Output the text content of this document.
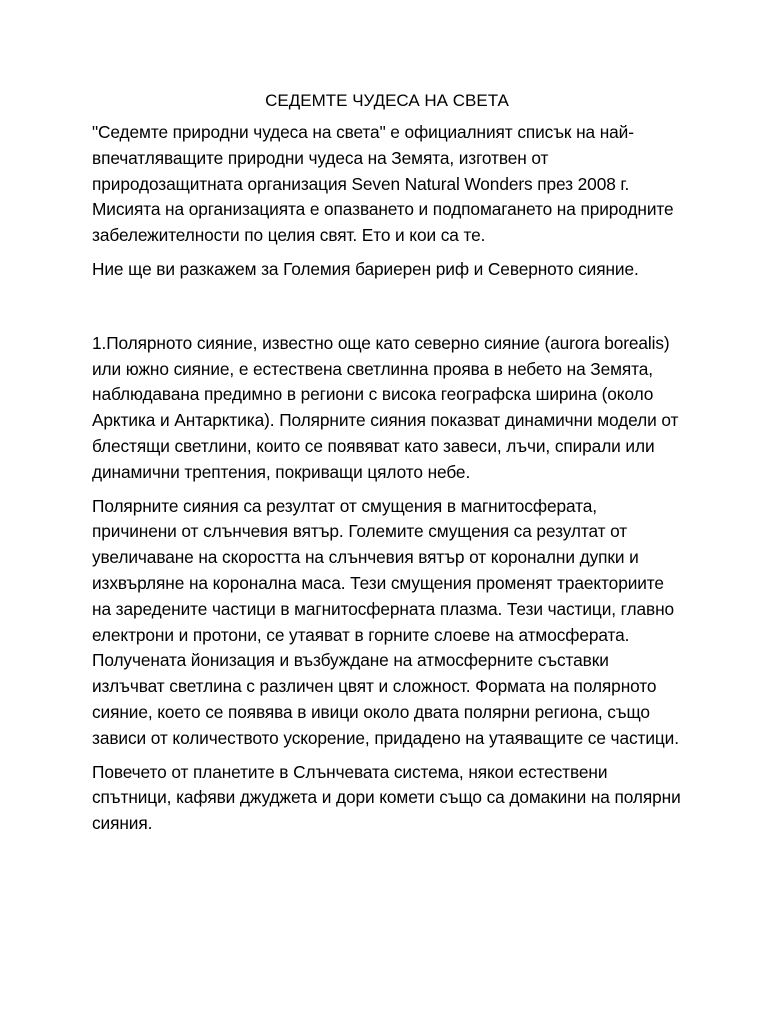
СЕДЕМТЕ ЧУДЕСА НА СВЕТА

"Седемте природни чудеса на света" е официалният списък на най-впечатляващите природни чудеса на Земята, изготвен от природозащитната организация Seven Natural Wonders през 2008 г. Мисията на организацията е опазването и подпомагането на природните забележителности по целия свят. Ето и кои са те.

Ние ще ви разкажем за Големия бариерен риф и Северното сияние.

1.Полярното сияние, известно още като северно сияние (aurora borealis) или южно сияние, е естествена светлинна проява в небето на Земята, наблюдавана предимно в региони с висока географска ширина (около Арктика и Антарктика). Полярните сияния показват динамични модели от блестящи светлини, които се появяват като завеси, лъчи, спирали или динамични трептения, покриващи цялото небе.

Полярните сияния са резултат от смущения в магнитосферата, причинени от слънчевия вятър. Големите смущения са резултат от увеличаване на скоростта на слънчевия вятър от коронални дупки и изхвърляне на коронална маса. Тези смущения променят траекториите на заредените частици в магнитосферната плазма. Тези частици, главно електрони и протони, се утаяват в горните слоеве на атмосферата. Получената йонизация и възбуждане на атмосферните съставки излъчват светлина с различен цвят и сложност. Формата на полярното сияние, което се появява в ивици около двата полярни региона, също зависи от количеството ускорение, придадено на утаяващите се частици.

Повечето от планетите в Слънчевата система, някои естествени спътници, кафяви джуджета и дори комети също са домакини на полярни сияния.
